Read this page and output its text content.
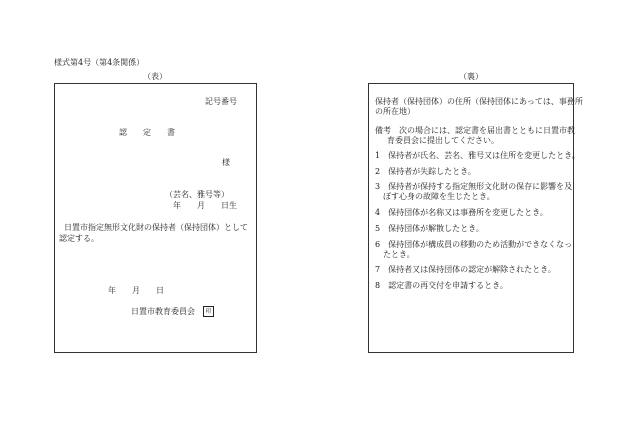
様式第4号（第4条関係）
（表）	（裏）
記号番号
認　　定　　書
様
（芸名、雅号等）
年　　月　　日生
日置市指定無形文化財の保持者（保持団体）として
認定する。
年　　月　　日
日置市教育委員会	印
保持者（保持団体）の住所（保持団体にあっては、事務所
の所在地）
備考　次の場合には、認定書を届出書とともに日置市教
育委員会に提出してください。
1　保持者が氏名、芸名、雅号又は住所を変更したとき。
2　保持者が失踪したとき。
3　保持者が保持する指定無形文化財の保存に影響を及
ぼす心身の故障を生じたとき。
4　保持団体が名称又は事務所を変更したとき。
5　保持団体が解散したとき。
6　保持団体が構成員の移動のため活動ができなくなっ
たとき。
7　保持者又は保持団体の認定が解除されたとき。
8　認定書の再交付を申請するとき。
